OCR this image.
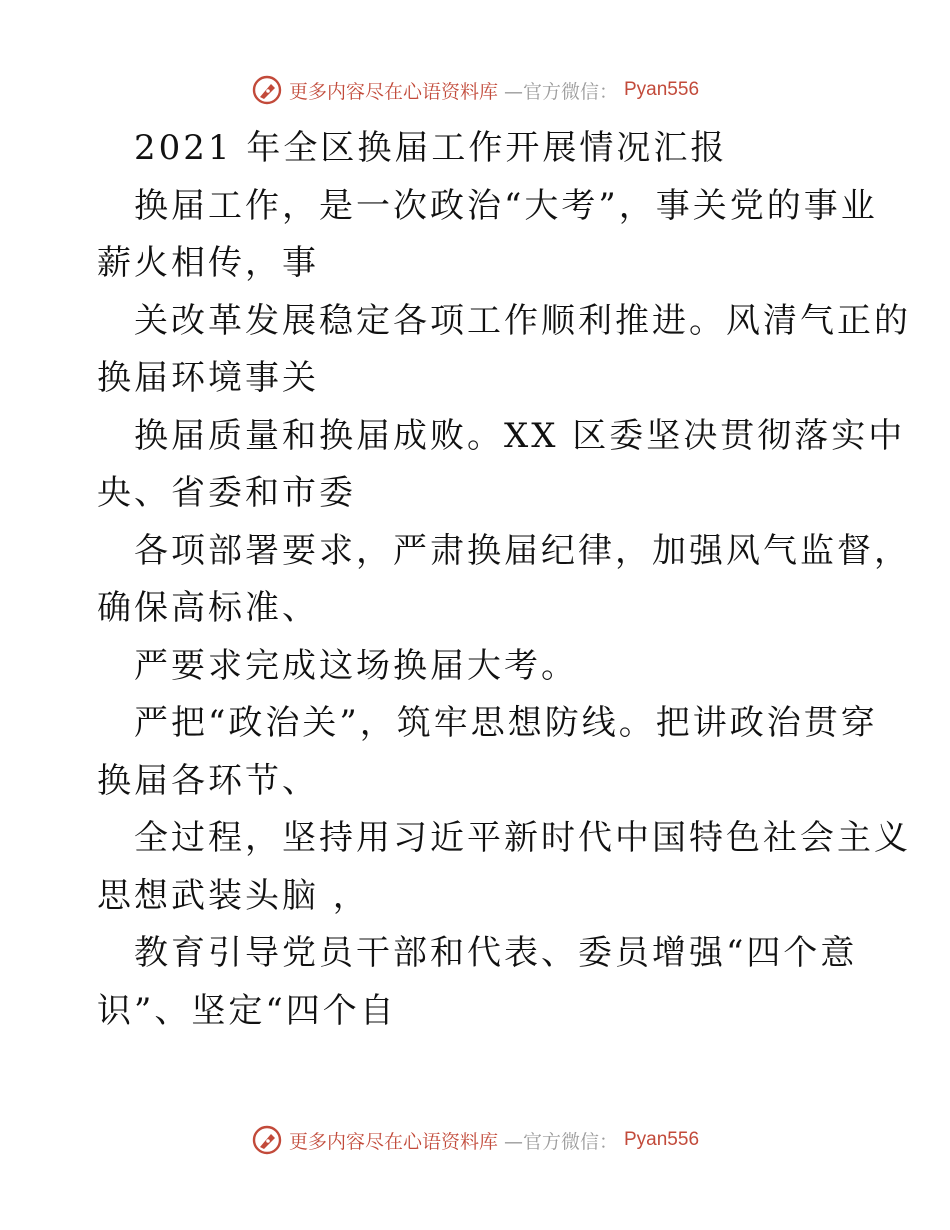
更多内容尽在心语资料库 —官方微信： Pyan556
2021 年全区换届工作开展情况汇报
换届工作，是一次政治“大考”，事关党的事业
薪火相传，事
关改革发展稳定各项工作顺利推进。风清气正的
换届环境事关
换届质量和换届成败。XX 区委坚决贯彻落实中
央、省委和市委
各项部署要求，严肃换届纪律，加强风气监督，
确保高标准、
严要求完成这场换届大考。
严把“政治关”，筑牢思想防线。把讲政治贯穿
换届各环节、
全过程，坚持用习近平新时代中国特色社会主义
思想武装头脑 ，
教育引导党员干部和代表、委员增强“四个意
识”、坚定“四个自
更多内容尽在心语资料库 —官方微信： Pyan556
